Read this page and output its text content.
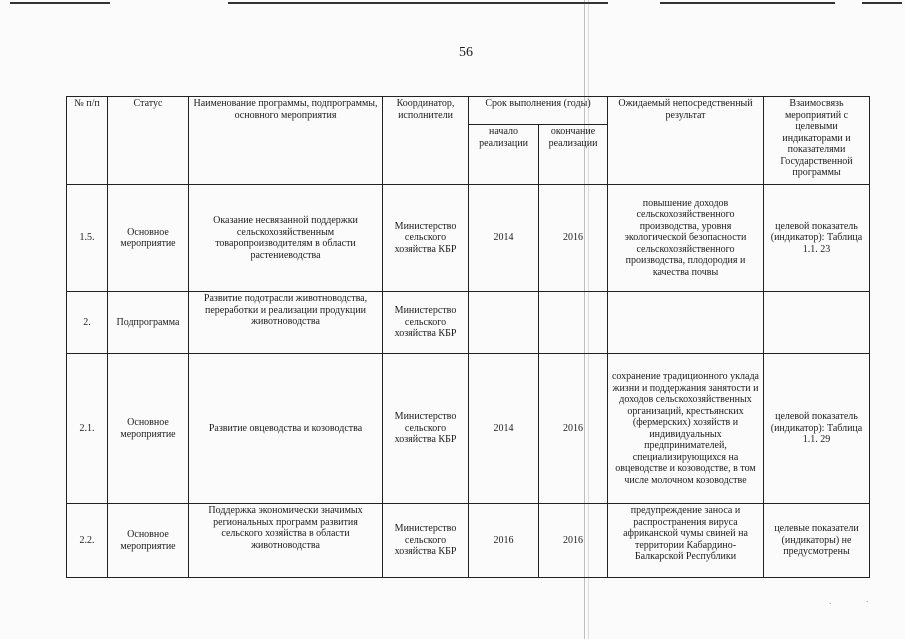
56
№ п/п	Статус	Наименование программы, подпрограммы, основного мероприятия	Координатор, исполнители	Срок выполнения (годы)		Ожидаемый непосредственный результат	Взаимосвязь мероприятий с целевыми индикаторами и показателями Государственной программы
				начало реализации	окончание реализации		
1.5.	Основное мероприятие	Оказание несвязанной поддержки сельскохозяйственным товаропроизводителям в области растениеводства	Министерство сельского хозяйства КБР	2014	2016	повышение доходов сельскохозяйственного производства, уровня экологической безопасности сельскохозяйственного производства, плодородия и качества почвы	целевой показатель (индикатор): Таблица 1.1. 23
2.	Подпрограмма	Развитие подотрасли животноводства, переработки и реализации продукции животноводства	Министерство сельского хозяйства КБР				
2.1.	Основное мероприятие	Развитие овцеводства и козоводства	Министерство сельского хозяйства КБР	2014	2016	сохранение традиционного уклада жизни и поддержания занятости и доходов сельскохозяйственных организаций, крестьянских (фермерских) хозяйств и индивидуальных предпринимателей, специализирующихся на овцеводстве и козоводстве, в том числе молочном козоводстве	целевой показатель (индикатор): Таблица 1.1. 29
2.2.	Основное мероприятие	Поддержка экономически значимых региональных программ развития сельского хозяйства в области животноводства	Министерство сельского хозяйства КБР	2016	2016	предупреждение заноса и распространения вируса африканской чумы свиней на территории Кабардино-Балкарской Республики	целевые показатели (индикаторы) не предусмотрены
·	·
